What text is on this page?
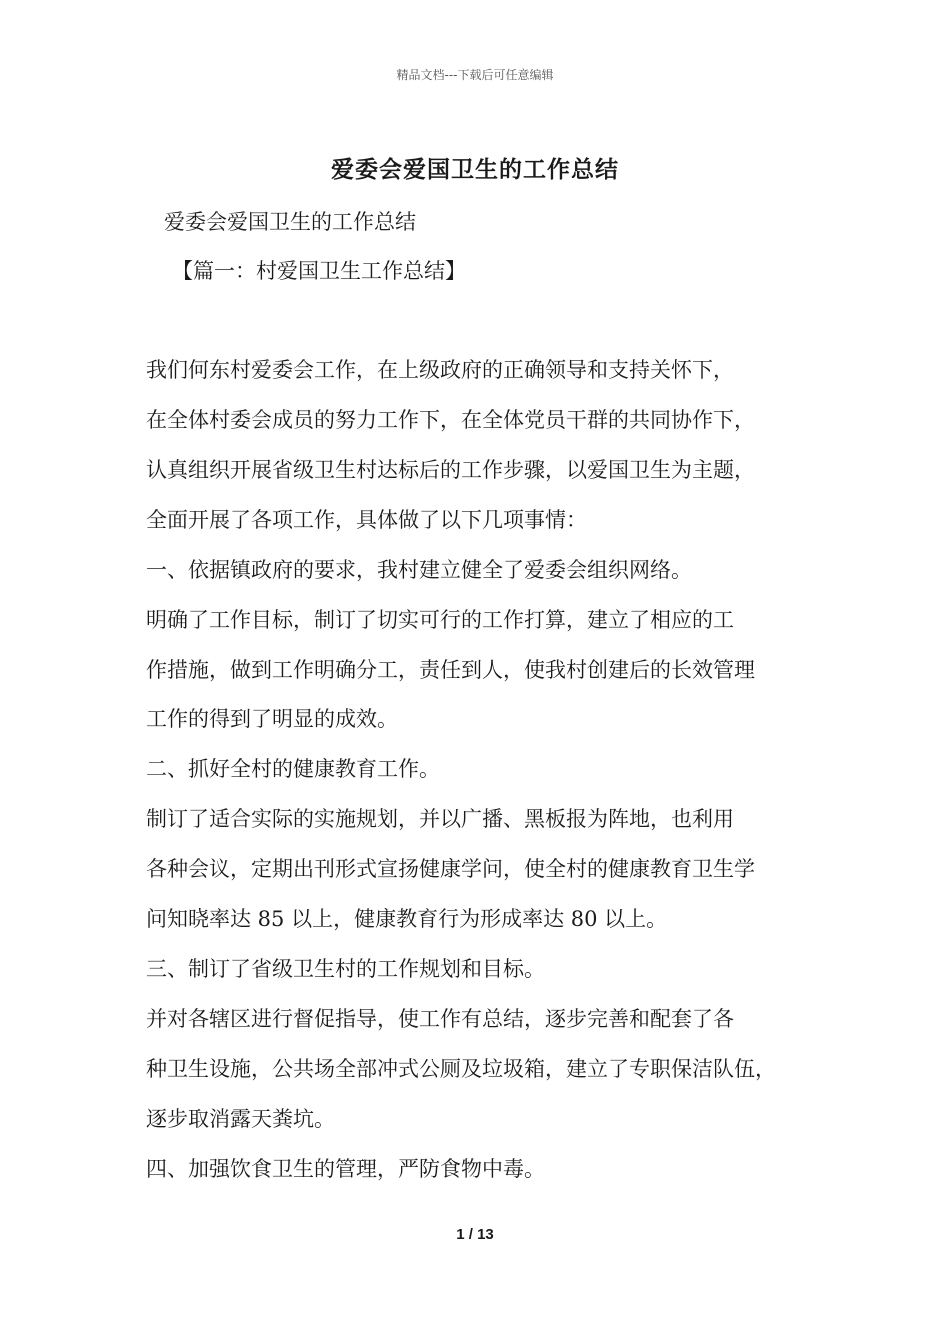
精品文档---下载后可任意编辑
爱委会爱国卫生的工作总结
爱委会爱国卫生的工作总结
【篇一：村爱国卫生工作总结】
我们何东村爱委会工作，在上级政府的正确领导和支持关怀下，
在全体村委会成员的努力工作下，在全体党员干群的共同协作下，
认真组织开展省级卫生村达标后的工作步骤，以爱国卫生为主题，
全面开展了各项工作，具体做了以下几项事情：
一、依据镇政府的要求，我村建立健全了爱委会组织网络。
明确了工作目标，制订了切实可行的工作打算，建立了相应的工
作措施，做到工作明确分工，责任到人，使我村创建后的长效管理
工作的得到了明显的成效。
二、抓好全村的健康教育工作。
制订了适合实际的实施规划，并以广播、黑板报为阵地，也利用
各种会议，定期出刊形式宣扬健康学问，使全村的健康教育卫生学
问知晓率达 85 以上，健康教育行为形成率达 80 以上。
三、制订了省级卫生村的工作规划和目标。
并对各辖区进行督促指导，使工作有总结，逐步完善和配套了各
种卫生设施，公共场全部冲式公厕及垃圾箱，建立了专职保洁队伍，
逐步取消露天粪坑。
四、加强饮食卫生的管理，严防食物中毒。
1 / 13
